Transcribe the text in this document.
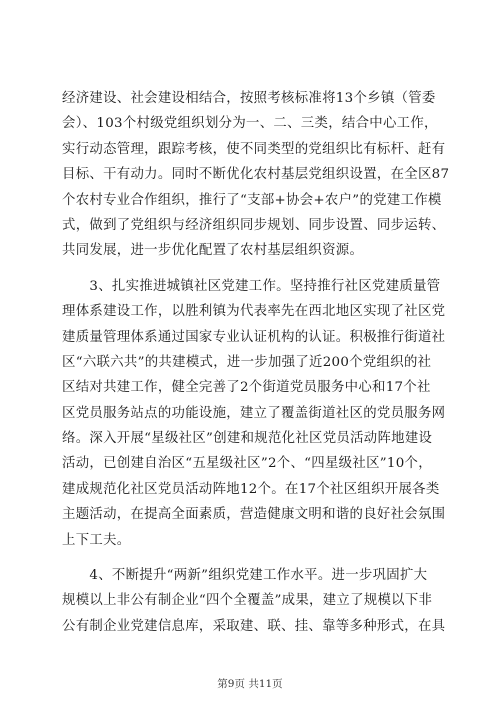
经济建设、社会建设相结合，按照考核标准将13个乡镇（管委
会）、103个村级党组织划分为一、二、三类，结合中心工作，
实行动态管理，跟踪考核，使不同类型的党组织比有标杆、赶有
目标、干有动力。同时不断优化农村基层党组织设置，在全区87
个农村专业合作组织，推行了“支部+协会+农户”的党建工作模
式，做到了党组织与经济组织同步规划、同步设置、同步运转、
共同发展，进一步优化配置了农村基层组织资源。
　　3、扎实推进城镇社区党建工作。坚持推行社区党建质量管
理体系建设工作，以胜利镇为代表率先在西北地区实现了社区党
建质量管理体系通过国家专业认证机构的认证。积极推行街道社
区“六联六共”的共建模式，进一步加强了近200个党组织的社
区结对共建工作，健全完善了2个街道党员服务中心和17个社
区党员服务站点的功能设施，建立了覆盖街道社区的党员服务网
络。深入开展“星级社区”创建和规范化社区党员活动阵地建设
活动，已创建自治区“五星级社区”2个、“四星级社区”10个，
建成规范化社区党员活动阵地12个。在17个社区组织开展各类
主题活动，在提高全面素质，营造健康文明和谐的良好社会氛围
上下工夫。
　　4、不断提升“两新”组织党建工作水平。进一步巩固扩大
规模以上非公有制企业“四个全覆盖”成果，建立了规模以下非
公有制企业党建信息库，采取建、联、挂、靠等多种形式，在具
第9页 共11页
